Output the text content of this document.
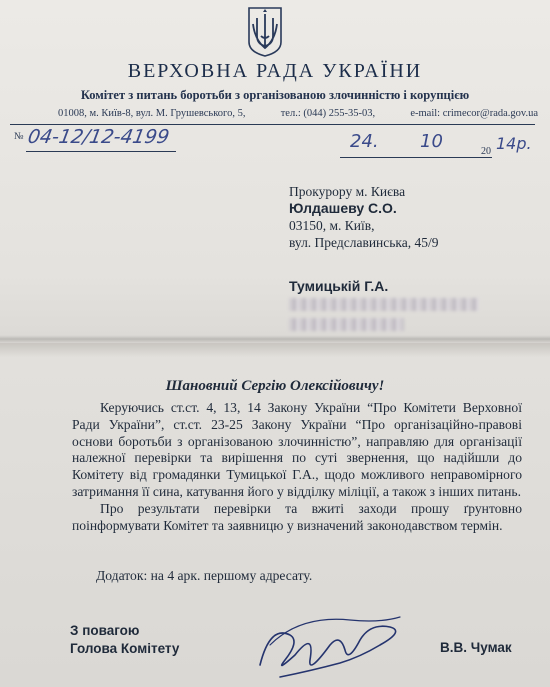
ВЕРХОВНА РАДА УКРАЇНИ
Комітет з питань боротьби з організованою злочинністю і корупцією
01008, м. Київ-8, вул. М. Грушевського, 5,	тел.: (044) 255-35-03,	e-mail: crimecor@rada.gov.ua
№ 04-12/12-4199	24. 10	20 14р.
Прокурору м. Києва
Юлдашеву С.О.
03150, м. Київ,
вул. Предславинська, 45/9
Тумицькій Г.А.
Шановний Сергію Олексійовичу!

Керуючись ст.ст. 4, 13, 14 Закону України “Про Комітети Верховної Ради України”, ст.ст. 23-25 Закону України “Про організаційно-правові основи боротьби з організованою злочинністю”, направляю для організації належної перевірки та вирішення по суті звернення, що надійшли до Комітету від громадянки Тумицької Г.А., щодо можливого неправомірного затримання її сина, катування його у відділку міліції, а також з інших питань.

Про результати перевірки та вжиті заходи прошу ґрунтовно поінформувати Комітет та заявницю у визначений законодавством термін.

Додаток: на 4 арк. першому адресату.
З повагою
Голова Комітету	В.В. Чумак
